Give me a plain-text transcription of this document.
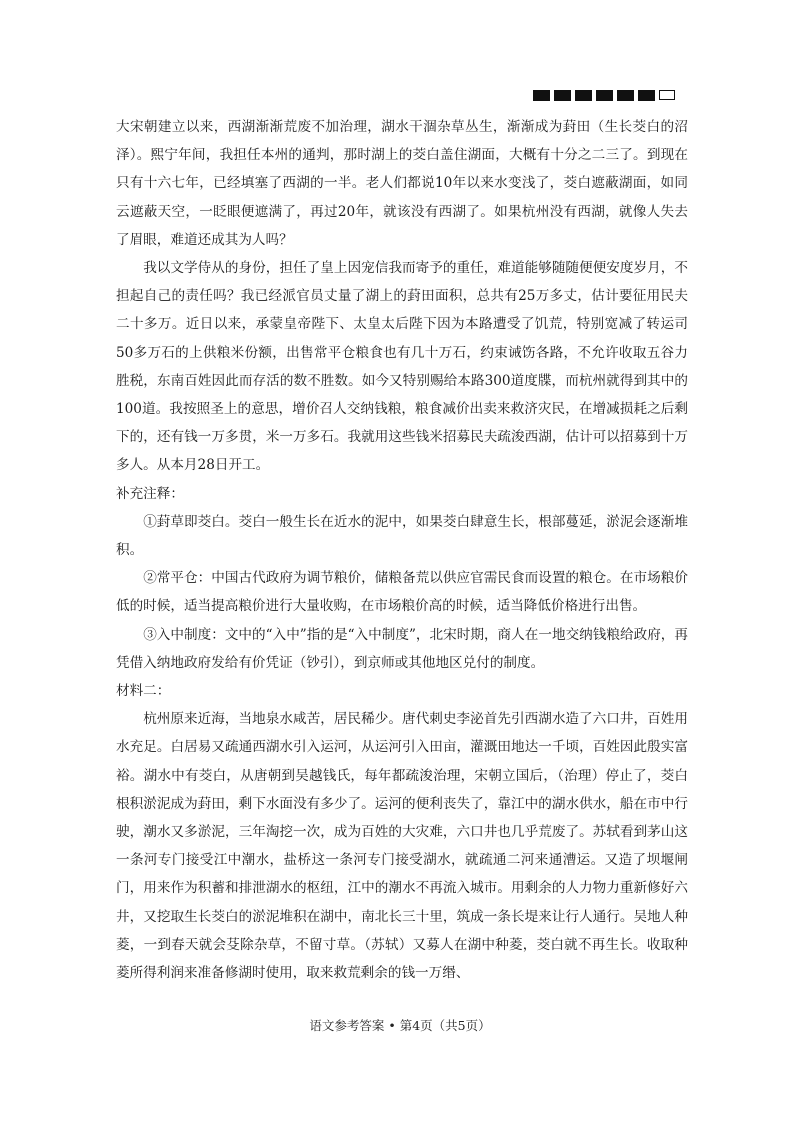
大宋朝建立以来，西湖渐渐荒废不加治理，湖水干涸杂草丛生，渐渐成为葑田（生长茭白的沼泽）。熙宁年间，我担任本州的通判，那时湖上的茭白盖住湖面，大概有十分之二三了。到现在只有十六七年，已经填塞了西湖的一半。老人们都说10年以来水变浅了，茭白遮蔽湖面，如同云遮蔽天空，一眨眼便遮满了，再过20年，就该没有西湖了。如果杭州没有西湖，就像人失去了眉眼，难道还成其为人吗？

我以文学侍从的身份，担任了皇上因宠信我而寄予的重任，难道能够随随便便安度岁月，不担起自己的责任吗？我已经派官员丈量了湖上的葑田面积，总共有25万多丈，估计要征用民夫二十多万。近日以来，承蒙皇帝陛下、太皇太后陛下因为本路遭受了饥荒，特别宽减了转运司50多万石的上供粮米份额，出售常平仓粮食也有几十万石，约束诫饬各路，不允许收取五谷力胜税，东南百姓因此而存活的数不胜数。如今又特别赐给本路300道度牒，而杭州就得到其中的100道。我按照圣上的意思，增价召人交纳钱粮，粮食减价出卖来救济灾民，在增减损耗之后剩下的，还有钱一万多贯，米一万多石。我就用这些钱米招募民夫疏浚西湖，估计可以招募到十万多人。从本月28日开工。

补充注释：

①葑草即茭白。茭白一般生长在近水的泥中，如果茭白肆意生长，根部蔓延，淤泥会逐渐堆积。

②常平仓：中国古代政府为调节粮价，储粮备荒以供应官需民食而设置的粮仓。在市场粮价低的时候，适当提高粮价进行大量收购，在市场粮价高的时候，适当降低价格进行出售。

③入中制度：文中的“入中”指的是“入中制度”，北宋时期，商人在一地交纳钱粮给政府，再凭借入纳地政府发给有价凭证（钞引），到京师或其他地区兑付的制度。

材料二：

杭州原来近海，当地泉水咸苦，居民稀少。唐代刺史李泌首先引西湖水造了六口井，百姓用水充足。白居易又疏通西湖水引入运河，从运河引入田亩，灌溉田地达一千顷，百姓因此殷实富裕。湖水中有茭白，从唐朝到吴越钱氏，每年都疏浚治理，宋朝立国后，（治理）停止了，茭白根积淤泥成为葑田，剩下水面没有多少了。运河的便利丧失了，靠江中的湖水供水，船在市中行驶，潮水又多淤泥，三年淘挖一次，成为百姓的大灾难，六口井也几乎荒废了。苏轼看到茅山这一条河专门接受江中潮水，盐桥这一条河专门接受湖水，就疏通二河来通漕运。又造了坝堰闸门，用来作为积蓄和排泄湖水的枢纽，江中的潮水不再流入城市。用剩余的人力物力重新修好六井，又挖取生长茭白的淤泥堆积在湖中，南北长三十里，筑成一条长堤来让行人通行。吴地人种菱，一到春天就会芟除杂草，不留寸草。（苏轼）又募人在湖中种菱，茭白就不再生长。收取种菱所得利润来准备修湖时使用，取来救荒剩余的钱一万缗、

语文参考答案 • 第4页（共5页）
